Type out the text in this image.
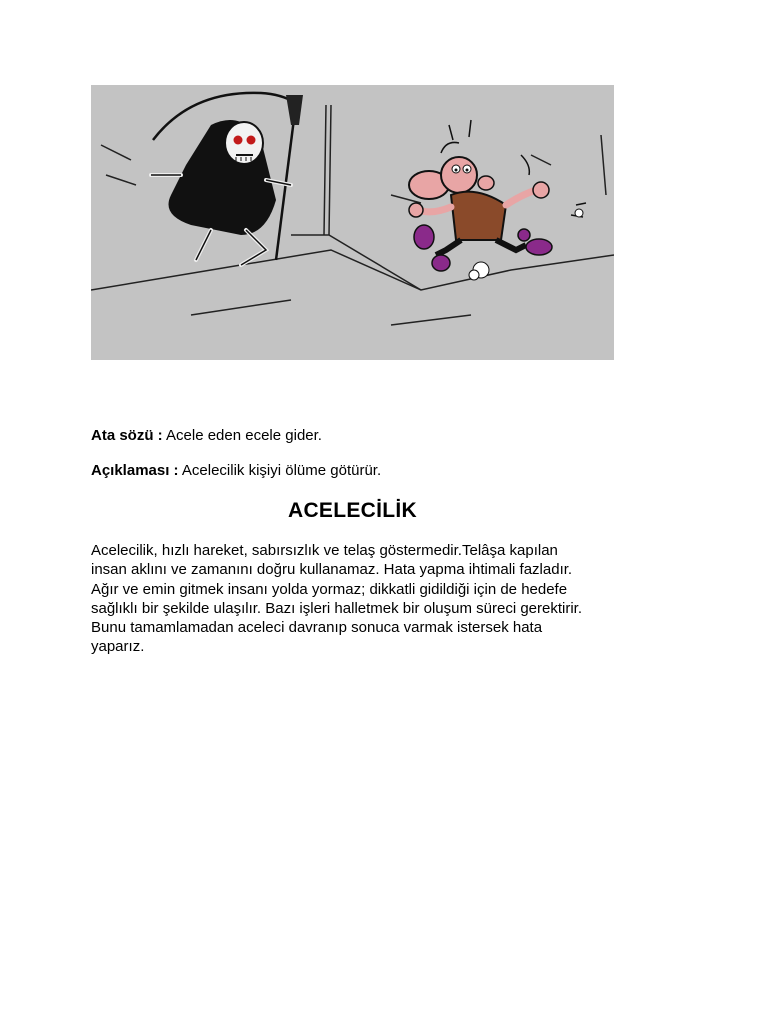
Ata sözü : Acele eden ecele gider.
Açıklaması : Acelecilik kişiyi ölüme götürür.
ACELECİLİK
Acelecilik, hızlı hareket, sabırsızlık ve telaş göstermedir.Telâşa kapılan
insan aklını ve zamanını doğru kullanamaz. Hata yapma ihtimali fazladır.
Ağır ve emin gitmek insanı yolda yormaz; dikkatli gidildiği için de hedefe
sağlıklı bir şekilde ulaşılır. Bazı işleri halletmek bir oluşum süreci gerektirir.
Bunu tamamlamadan aceleci davranıp sonuca varmak istersek hata
yaparız.
